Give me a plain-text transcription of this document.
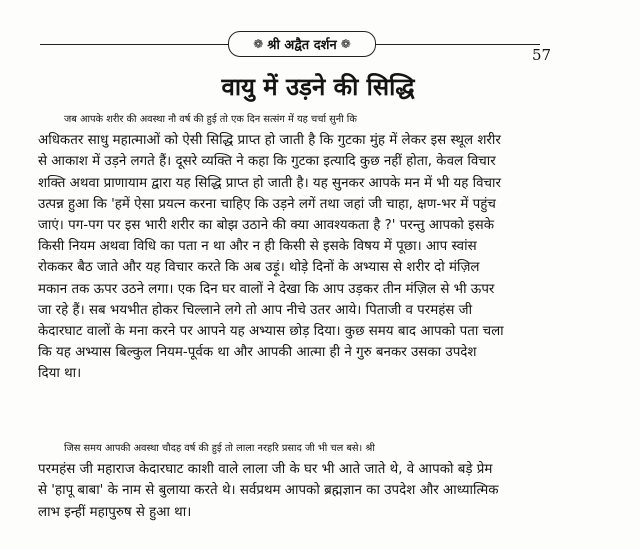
❁ श्री अद्वैत दर्शन ❁
57
वायु में उड़ने की सिद्धि
जब आपके शरीर की अवस्था नौ वर्ष की हुई तो एक दिन सत्संग में यह चर्चा सुनी कि
अधिकतर साधु महात्माओं को ऐसी सिद्धि प्राप्त हो जाती है कि गुटका मुंह में लेकर इस स्थूल शरीर
से आकाश में उड़ने लगते हैं। दूसरे व्यक्ति ने कहा कि गुटका इत्यादि कुछ नहीं होता, केवल विचार
शक्ति अथवा प्राणायाम द्वारा यह सिद्धि प्राप्त हो जाती है। यह सुनकर आपके मन में भी यह विचार
उत्पन्न हुआ कि 'हमें ऐसा प्रयत्न करना चाहिए कि उड़ने लगें तथा जहां जी चाहा, क्षण-भर में पहुंच
जाएं। पग-पग पर इस भारी शरीर का बोझ उठाने की क्या आवश्यकता है ?' परन्तु आपको इसके
किसी नियम अथवा विधि का पता न था और न ही किसी से इसके विषय में पूछा। आप स्वांस
रोककर बैठ जाते और यह विचार करते कि अब उड़ूं। थोड़े दिनों के अभ्यास से शरीर दो मंज़िल
मकान तक ऊपर उठने लगा। एक दिन घर वालों ने देखा कि आप उड़कर तीन मंज़िल से भी ऊपर
जा रहे हैं। सब भयभीत होकर चिल्लाने लगे तो आप नीचे उतर आये। पिताजी व परमहंस जी
केदारघाट वालों के मना करने पर आपने यह अभ्यास छोड़ दिया। कुछ समय बाद आपको पता चला
कि यह अभ्यास बिल्कुल नियम-पूर्वक था और आपकी आत्मा ही ने गुरु बनकर उसका उपदेश
दिया था।
जिस समय आपकी अवस्था चौदह वर्ष की हुई तो लाला नरहरि प्रसाद जी भी चल बसे। श्री
परमहंस जी महाराज केदारघाट काशी वाले लाला जी के घर भी आते जाते थे, वे आपको बड़े प्रेम
से 'हापू बाबा' के नाम से बुलाया करते थे। सर्वप्रथम आपको ब्रह्मज्ञान का उपदेश और आध्यात्मिक
लाभ इन्हीं महापुरुष से हुआ था।
